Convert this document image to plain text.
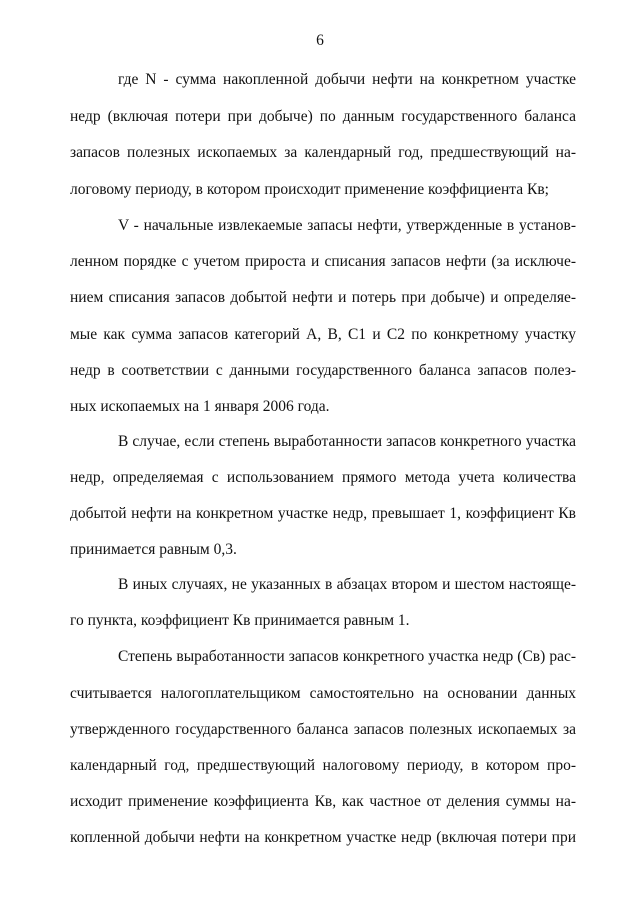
6
где N - сумма накопленной добычи нефти на конкретном участке
недр (включая потери при добыче) по данным государственного баланса
запасов полезных ископаемых за календарный год, предшествующий на-
логовому периоду, в котором происходит применение коэффициента Кв;
V - начальные извлекаемые запасы нефти, утвержденные в установ-
ленном порядке с учетом прироста и списания запасов нефти (за исключе-
нием списания запасов добытой нефти и потерь при добыче) и определяе-
мые как сумма запасов категорий А, В, С1 и С2 по конкретному участку
недр в соответствии с данными государственного баланса запасов полез-
ных ископаемых на 1 января 2006 года.
В случае, если степень выработанности запасов конкретного участка
недр, определяемая с использованием прямого метода учета количества
добытой нефти на конкретном участке недр, превышает 1, коэффициент Кв
принимается равным 0,3.
В иных случаях, не указанных в абзацах втором и шестом настояще-
го пункта, коэффициент Кв принимается равным 1.
Степень выработанности запасов конкретного участка недр (Св) рас-
считывается налогоплательщиком самостоятельно на основании данных
утвержденного государственного баланса запасов полезных ископаемых за
календарный год, предшествующий налоговому периоду, в котором про-
исходит применение коэффициента Кв, как частное от деления суммы на-
копленной добычи нефти на конкретном участке недр (включая потери при
